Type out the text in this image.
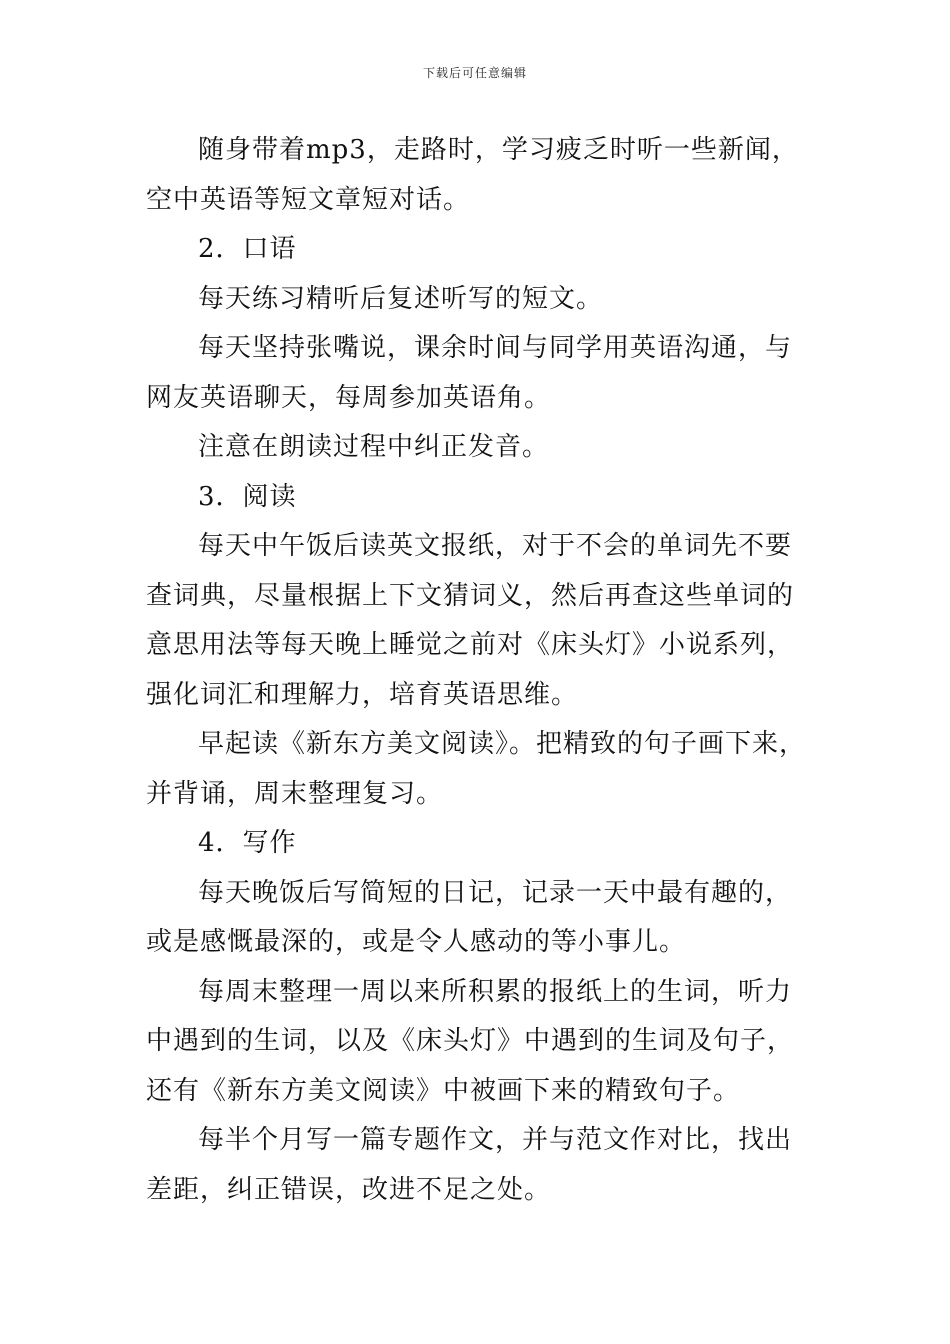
下载后可任意编辑

随身带着mp3，走路时，学习疲乏时听一些新闻，空中英语等短文章短对话。

2．口语

每天练习精听后复述听写的短文。

每天坚持张嘴说，课余时间与同学用英语沟通，与网友英语聊天，每周参加英语角。

注意在朗读过程中纠正发音。

3．阅读

每天中午饭后读英文报纸，对于不会的单词先不要查词典，尽量根据上下文猜词义，然后再查这些单词的意思用法等每天晚上睡觉之前对《床头灯》小说系列，强化词汇和理解力，培育英语思维。

早起读《新东方美文阅读》。把精致的句子画下来，并背诵，周末整理复习。

4．写作

每天晚饭后写简短的日记，记录一天中最有趣的，或是感慨最深的，或是令人感动的等小事儿。

每周末整理一周以来所积累的报纸上的生词，听力中遇到的生词，以及《床头灯》中遇到的生词及句子，还有《新东方美文阅读》中被画下来的精致句子。

每半个月写一篇专题作文，并与范文作对比，找出差距，纠正错误，改进不足之处。
